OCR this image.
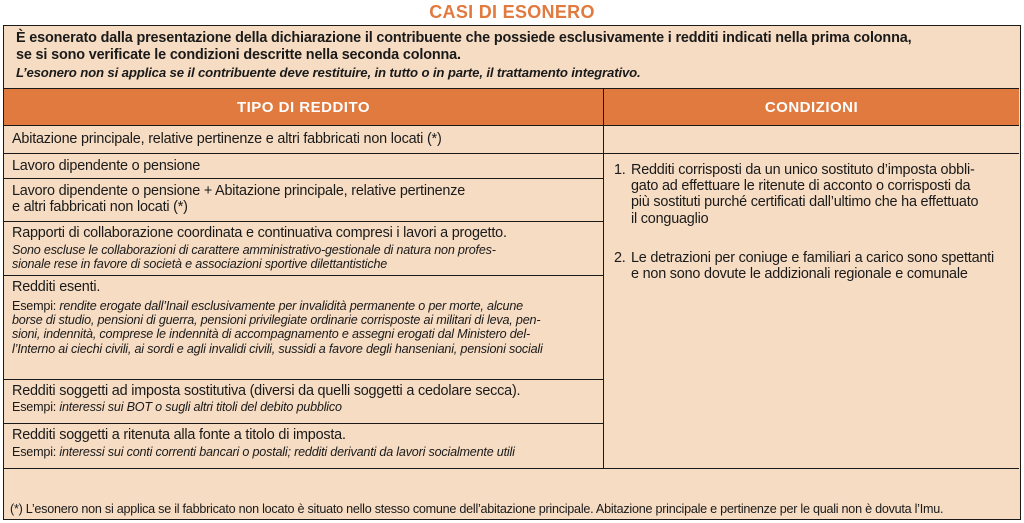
CASI DI ESONERO
È esonerato dalla presentazione della dichiarazione il contribuente che possiede esclusivamente i redditi indicati nella prima colonna,
se si sono verificate le condizioni descritte nella seconda colonna.
L’esonero non si applica se il contribuente deve restituire, in tutto o in parte, il trattamento integrativo.
TIPO DI REDDITO	CONDIZIONI
Abitazione principale, relative pertinenze e altri fabbricati non locati (*)
Lavoro dipendente o pensione
Lavoro dipendente o pensione + Abitazione principale, relative pertinenze
e altri fabbricati non locati (*)
Rapporti di collaborazione coordinata e continuativa compresi i lavori a progetto.
Sono escluse le collaborazioni di carattere amministrativo-gestionale di natura non profes-
sionale rese in favore di società e associazioni sportive dilettantistiche
Redditi esenti.
Esempi: rendite erogate dall’Inail esclusivamente per invalidità permanente o per morte, alcune
borse di studio, pensioni di guerra, pensioni privilegiate ordinarie corrisposte ai militari di leva, pen-
sioni, indennità, comprese le indennità di accompagnamento e assegni erogati dal Ministero del-
l’Interno ai ciechi civili, ai sordi e agli invalidi civili, sussidi a favore degli hanseniani, pensioni sociali
Redditi soggetti ad imposta sostitutiva (diversi da quelli soggetti a cedolare secca).
Esempi: interessi sui BOT o sugli altri titoli del debito pubblico
Redditi soggetti a ritenuta alla fonte a titolo di imposta.
Esempi: interessi sui conti correnti bancari o postali; redditi derivanti da lavori socialmente utili
1. Redditi corrisposti da un unico sostituto d’imposta obbli-
gato ad effettuare le ritenute di acconto o corrisposti da
più sostituti purché certificati dall’ultimo che ha effettuato
il conguaglio
2. Le detrazioni per coniuge e familiari a carico sono spettanti
e non sono dovute le addizionali regionale e comunale
(*) L’esonero non si applica se il fabbricato non locato è situato nello stesso comune dell’abitazione principale. Abitazione principale e pertinenze per le quali non è dovuta l’Imu.
